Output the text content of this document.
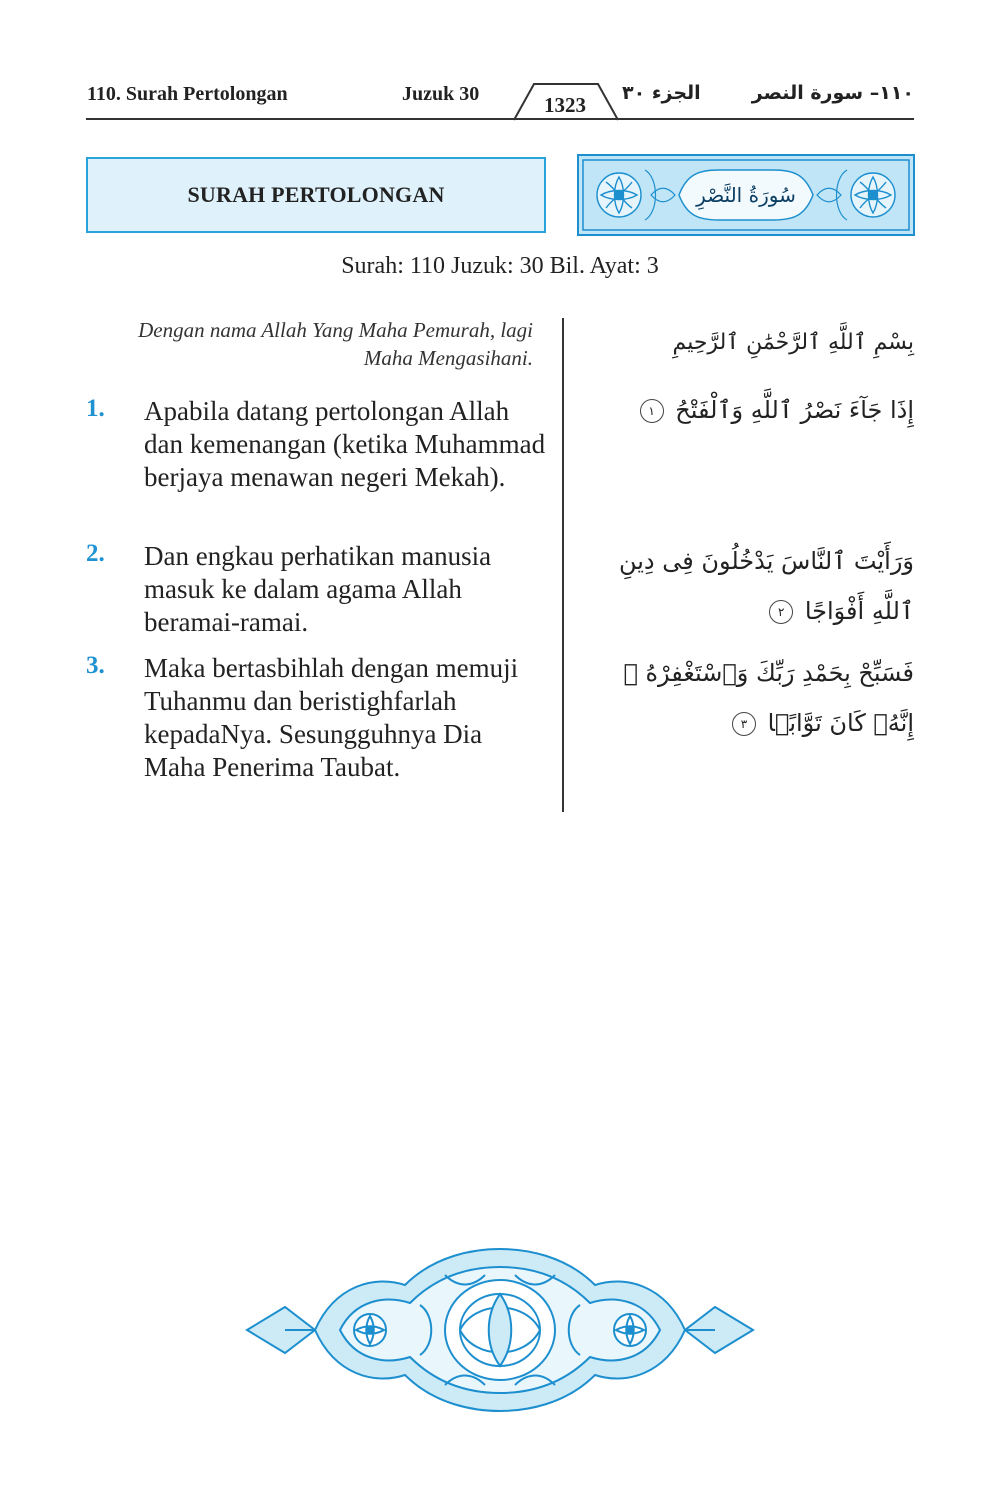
110. Surah Pertolongan	Juzuk 30	1323	الجزء ٣٠	١١٠– سورة النصر
SURAH PERTOLONGAN	سُورَةُ النَّصْرِ
Surah: 110 Juzuk: 30 Bil. Ayat: 3
Dengan nama Allah Yang Maha Pemurah, lagi Maha Mengasihani.
بِسْمِ ٱللَّهِ ٱلرَّحْمَٰنِ ٱلرَّحِيمِ
1. Apabila datang pertolongan Allah dan kemenangan (ketika Muhammad berjaya menawan negeri Mekah).
إِذَا جَآءَ نَصْرُ ٱللَّهِ وَٱلْفَتْحُ ١
2. Dan engkau perhatikan manusia masuk ke dalam agama Allah beramai-ramai.
وَرَأَيْتَ ٱلنَّاسَ يَدْخُلُونَ فِى دِينِ ٱللَّهِ أَفْوَاجًا ٢
3. Maka bertasbihlah dengan memuji Tuhanmu dan beristighfarlah kepadaNya. Sesungguhnya Dia Maha Penerima Taubat.
فَسَبِّحْ بِحَمْدِ رَبِّكَ وَٱسْتَغْفِرْهُ ۚ إِنَّهُۥ كَانَ تَوَّابًۢا ٣
